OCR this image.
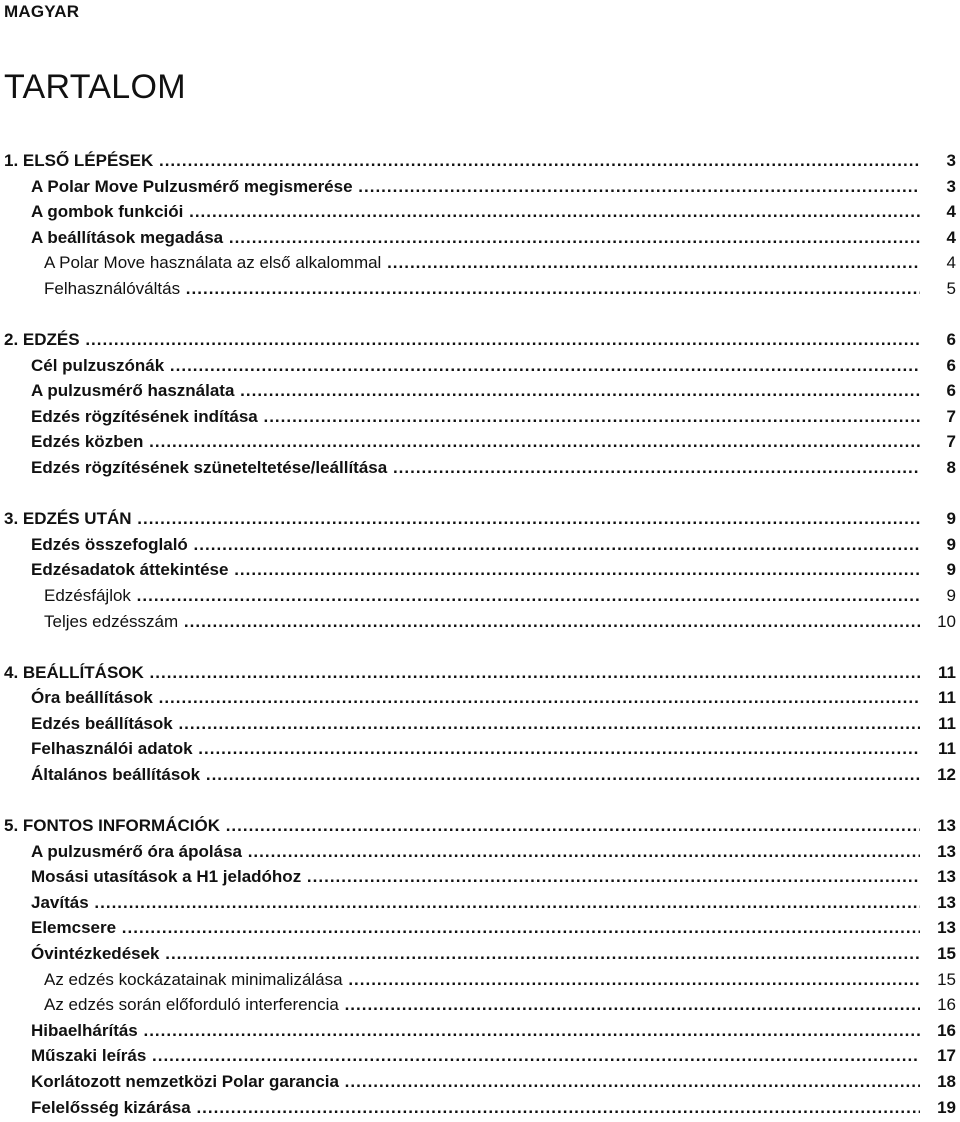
MAGYAR
TARTALOM
1. ELSŐ LÉPÉSEK .....	3
A Polar Move Pulzusmérő megismerése .....	3
A gombok funkciói .....	4
A beállítások megadása .....	4
A Polar Move használata az első alkalommal .....	4
Felhasználóváltás .....	5
2. EDZÉS .....	6
Cél pulzuszónák .....	6
A pulzusmérő használata .....	6
Edzés rögzítésének indítása .....	7
Edzés közben .....	7
Edzés rögzítésének szüneteltetése/leállítása .....	8
3. EDZÉS UTÁN .....	9
Edzés összefoglaló .....	9
Edzésadatok áttekintése .....	9
Edzésfájlok .....	9
Teljes edzésszám .....	10
4. BEÁLLÍTÁSOK .....	11
Óra beállítások .....	11
Edzés beállítások .....	11
Felhasználói adatok .....	11
Általános beállítások .....	12
5. FONTOS INFORMÁCIÓK .....	13
A pulzusmérő óra ápolása .....	13
Mosási utasítások a H1 jeladóhoz .....	13
Javítás .....	13
Elemcsere .....	13
Óvintézkedések .....	15
Az edzés kockázatainak minimalizálása .....	15
Az edzés során előforduló interferencia .....	16
Hibaelhárítás .....	16
Műszaki leírás .....	17
Korlátozott nemzetközi Polar garancia .....	18
Felelősség kizárása .....	19
